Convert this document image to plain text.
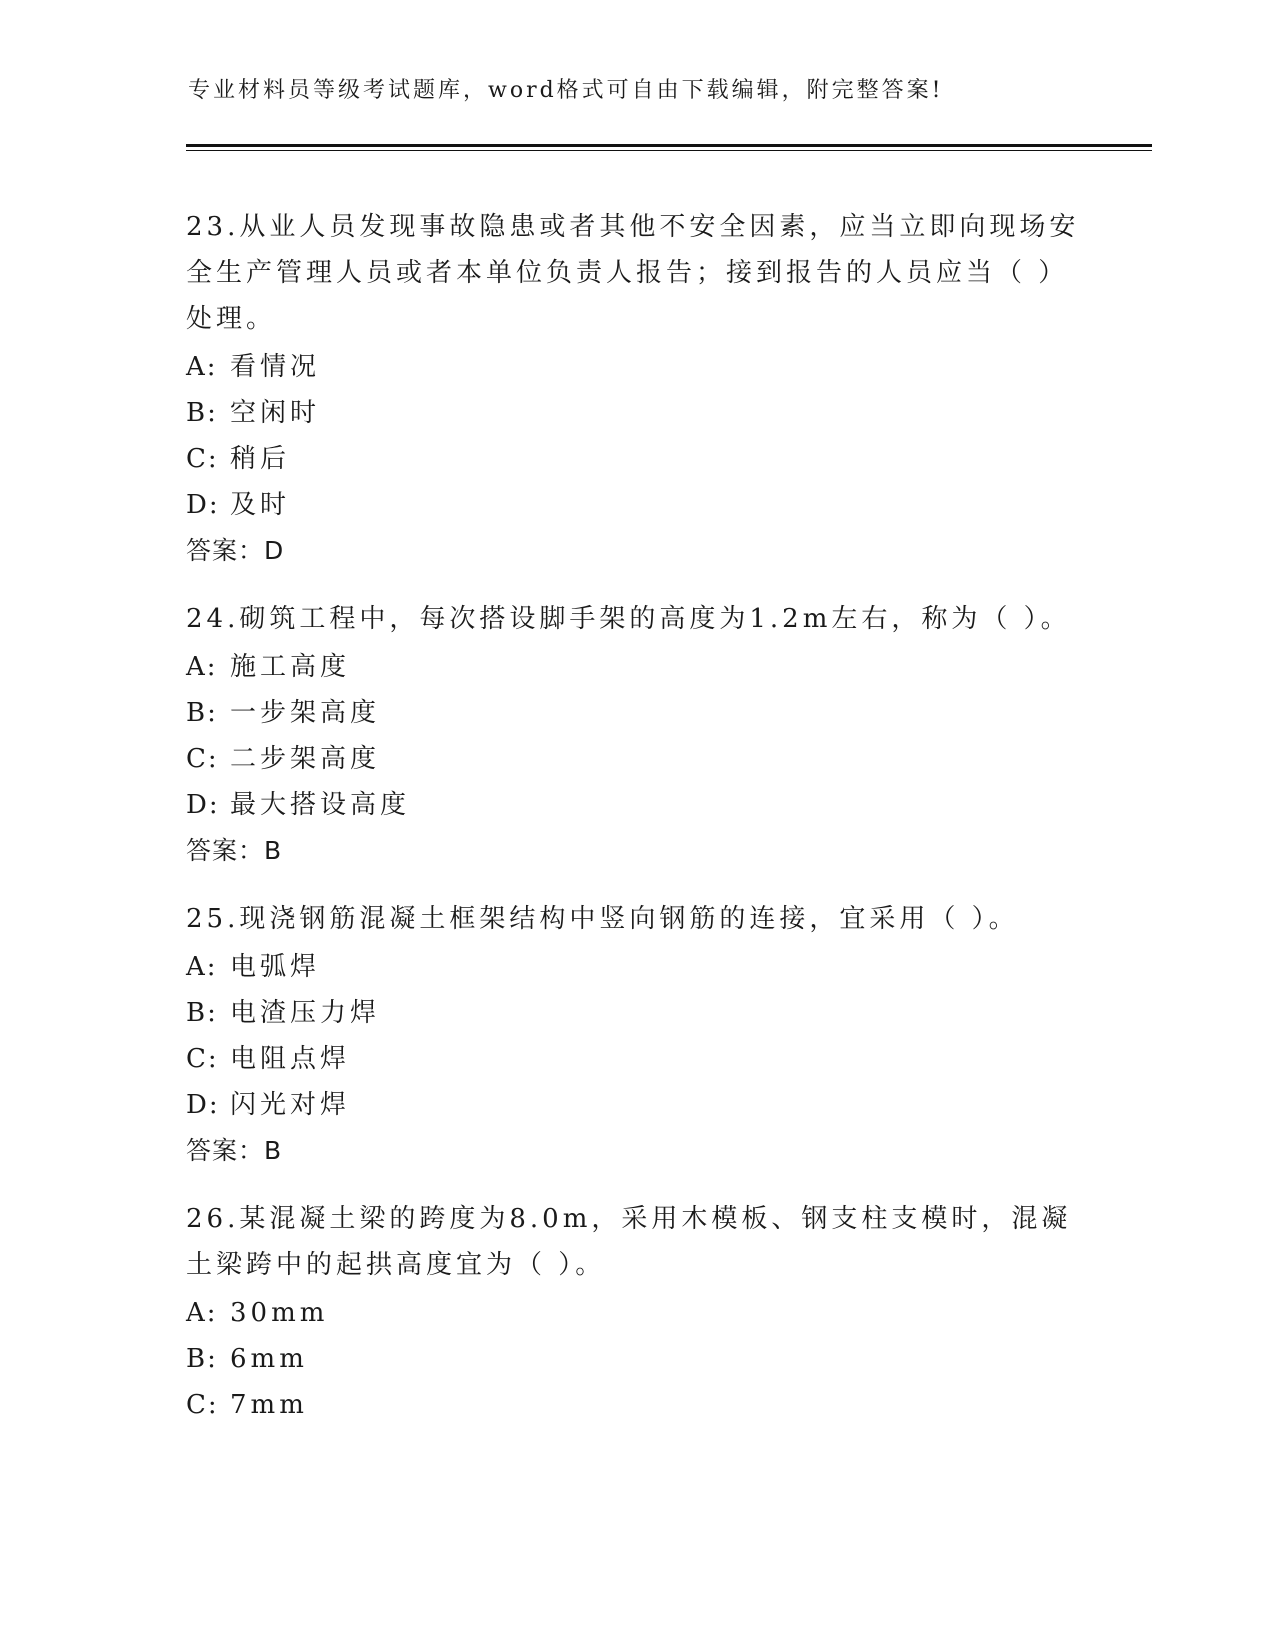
专业材料员等级考试题库，word格式可自由下载编辑，附完整答案!

23.从业人员发现事故隐患或者其他不安全因素，应当立即向现场安全生产管理人员或者本单位负责人报告；接到报告的人员应当（ ）处理。

A: 看情况
B: 空闲时
C: 稍后
D: 及时
答案：D

24.砌筑工程中，每次搭设脚手架的高度为1.2m左右，称为（ ）。

A: 施工高度
B: 一步架高度
C: 二步架高度
D: 最大搭设高度
答案：B

25.现浇钢筋混凝土框架结构中竖向钢筋的连接，宜采用（ ）。

A: 电弧焊
B: 电渣压力焊
C: 电阻点焊
D: 闪光对焊
答案：B

26.某混凝土梁的跨度为8.0m，采用木模板、钢支柱支模时，混凝土梁跨中的起拱高度宜为（ ）。

A: 30mm
B: 6mm
C: 7mm
